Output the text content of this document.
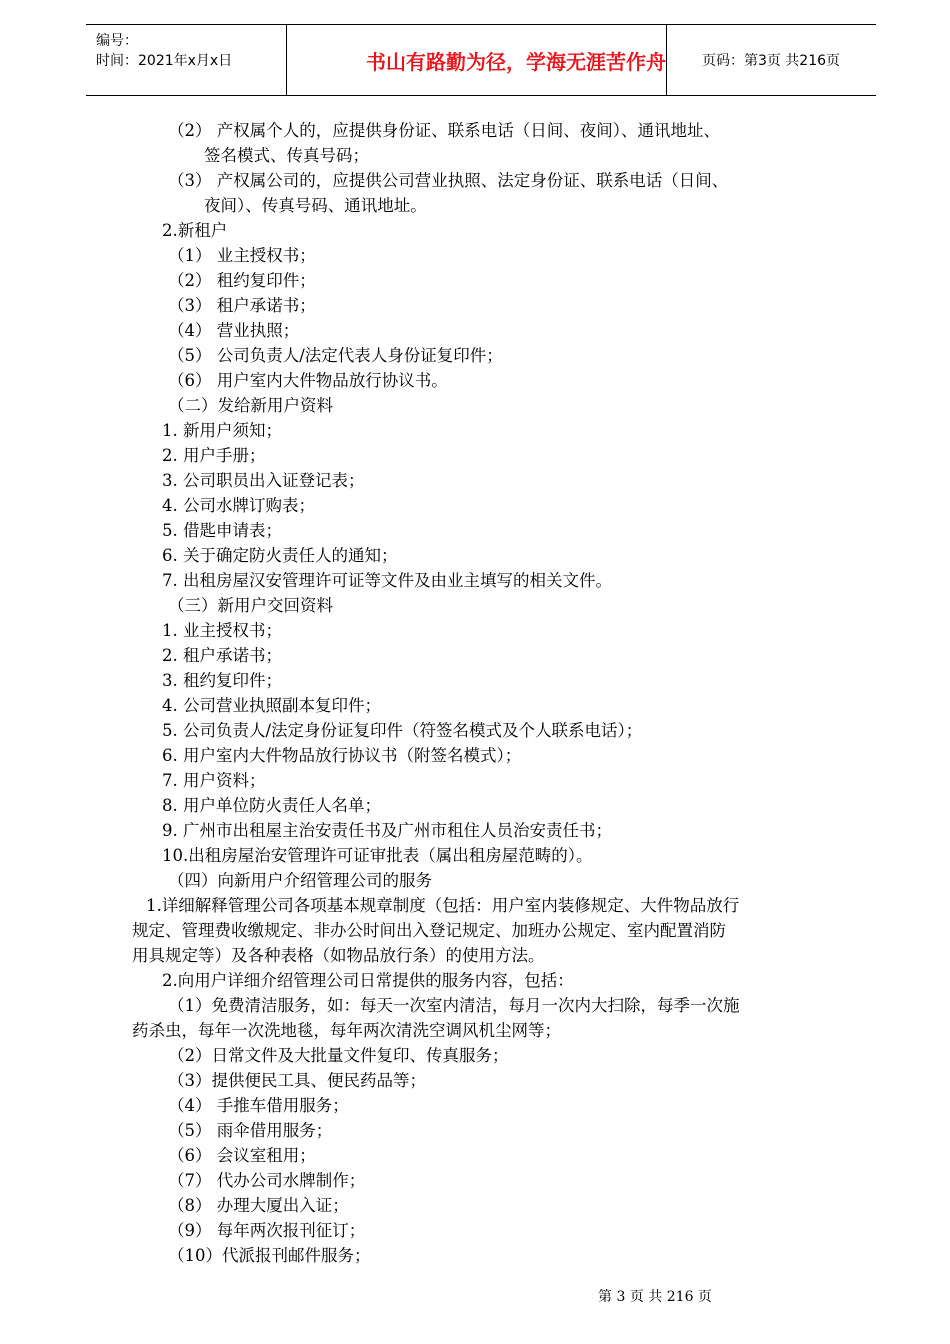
编号：
时间：2021年x月x日	书山有路勤为径，学海无涯苦作舟	页码：第3页 共216页
（2） 产权属个人的，应提供身份证、联系电话（日间、夜间）、通讯地址、
签名模式、传真号码；
（3） 产权属公司的，应提供公司营业执照、法定身份证、联系电话（日间、
夜间）、传真号码、通讯地址。
2.新租户
（1） 业主授权书；
（2） 租约复印件；
（3） 租户承诺书；
（4） 营业执照；
（5） 公司负责人/法定代表人身份证复印件；
（6） 用户室内大件物品放行协议书。
（二）发给新用户资料
1. 新用户须知；
2. 用户手册；
3. 公司职员出入证登记表；
4. 公司水牌订购表；
5. 借匙申请表；
6. 关于确定防火责任人的通知；
7. 出租房屋汉安管理许可证等文件及由业主填写的相关文件。
（三）新用户交回资料
1. 业主授权书；
2. 租户承诺书；
3. 租约复印件；
4. 公司营业执照副本复印件；
5. 公司负责人/法定身份证复印件（符签名模式及个人联系电话）；
6. 用户室内大件物品放行协议书（附签名模式）；
7. 用户资料；
8. 用户单位防火责任人名单；
9. 广州市出租屋主治安责任书及广州市租住人员治安责任书；
10.出租房屋治安管理许可证审批表（属出租房屋范畴的）。
（四）向新用户介绍管理公司的服务
1.详细解释管理公司各项基本规章制度（包括：用户室内装修规定、大件物品放行
规定、管理费收缴规定、非办公时间出入登记规定、加班办公规定、室内配置消防
用具规定等）及各种表格（如物品放行条）的使用方法。
2.向用户详细介绍管理公司日常提供的服务内容，包括：
（1）免费清洁服务，如：每天一次室内清洁，每月一次内大扫除，每季一次施
药杀虫，每年一次洗地毯，每年两次清洗空调风机尘网等；
（2）日常文件及大批量文件复印、传真服务；
（3）提供便民工具、便民药品等；
（4） 手推车借用服务；
（5） 雨伞借用服务；
（6） 会议室租用；
（7） 代办公司水牌制作；
（8） 办理大厦出入证；
（9） 每年两次报刊征订；
（10）代派报刊邮件服务；
第 3 页 共 216 页
